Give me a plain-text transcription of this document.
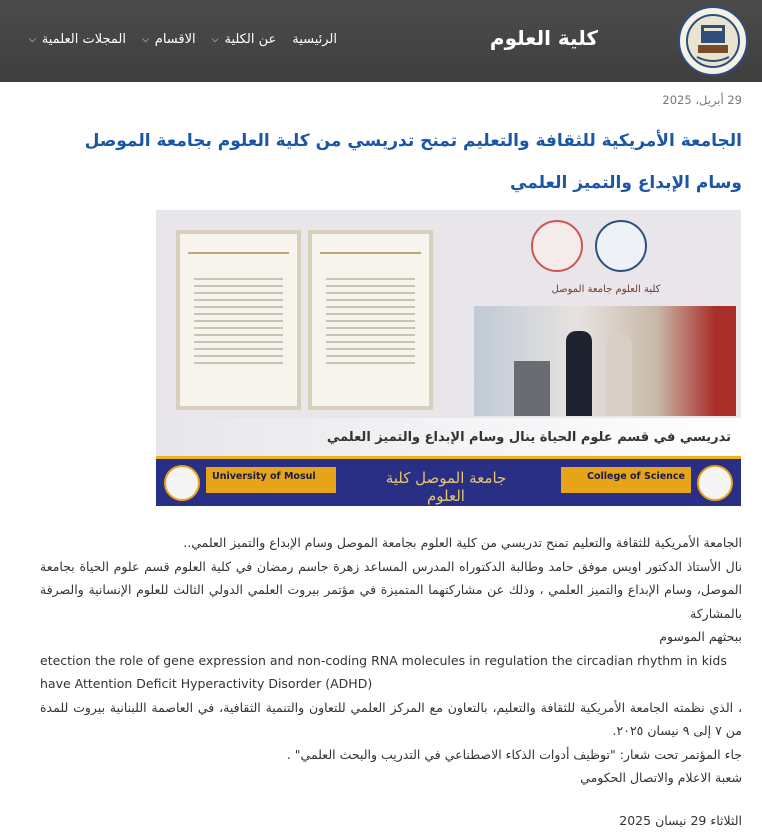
كلية العلوم
الرئيسية
عن الكلية
⌵
الاقسام
⌵
المجلات العلمية
⌵
29 أبريل، 2025
الجامعة الأمريكية للثقافة والتعليم تمنح تدريسي من كلية العلوم بجامعة الموصل وسام الإبداع والتميز العلمي
كلية العلوم جامعة الموصل
تدريسي في قسم علوم الحياة ينال وسام الإبداع والتميز العلمي
University of Mosul	جامعة الموصل كلية العلوم
College of Science

الجامعة الأمريكية للثقافة والتعليم تمنح تدريسي من كلية العلوم بجامعة الموصل وسام الإبداع والتميز العلمي..

نال الأستاذ الدكتور اويس موفق حامد وطالبة الدكتوراه المدرس المساعد زهرة جاسم رمضان في كلية العلوم قسم علوم الحياة بجامعة الموصل، وسام الإبداع والتميز العلمي ، وذلك عن مشاركتهما المتميزة في مؤتمر بيروت العلمي الدولي الثالث للعلوم الإنسانية والصرفة بالمشاركة

ببحثهم الموسوم

etection the role of gene expression and non-coding RNA molecules in regulation the circadian rhythm in kids have Attention Deficit Hyperactivity Disorder (ADHD)

، الذي نظمته الجامعة الأمريكية للثقافة والتعليم، بالتعاون مع المركز العلمي للتعاون والتنمية الثقافية، في العاصمة اللبنانية بيروت للمدة من ٧ إلى ٩ نيسان ٢٠٢٥.

جاء المؤتمر تحت شعار: "توظيف أدوات الذكاء الاصطناعي في التدريب والبحث العلمي" .

شعبة الاعلام والاتصال الحكومي

الثلاثاء 29 نيسان 2025
